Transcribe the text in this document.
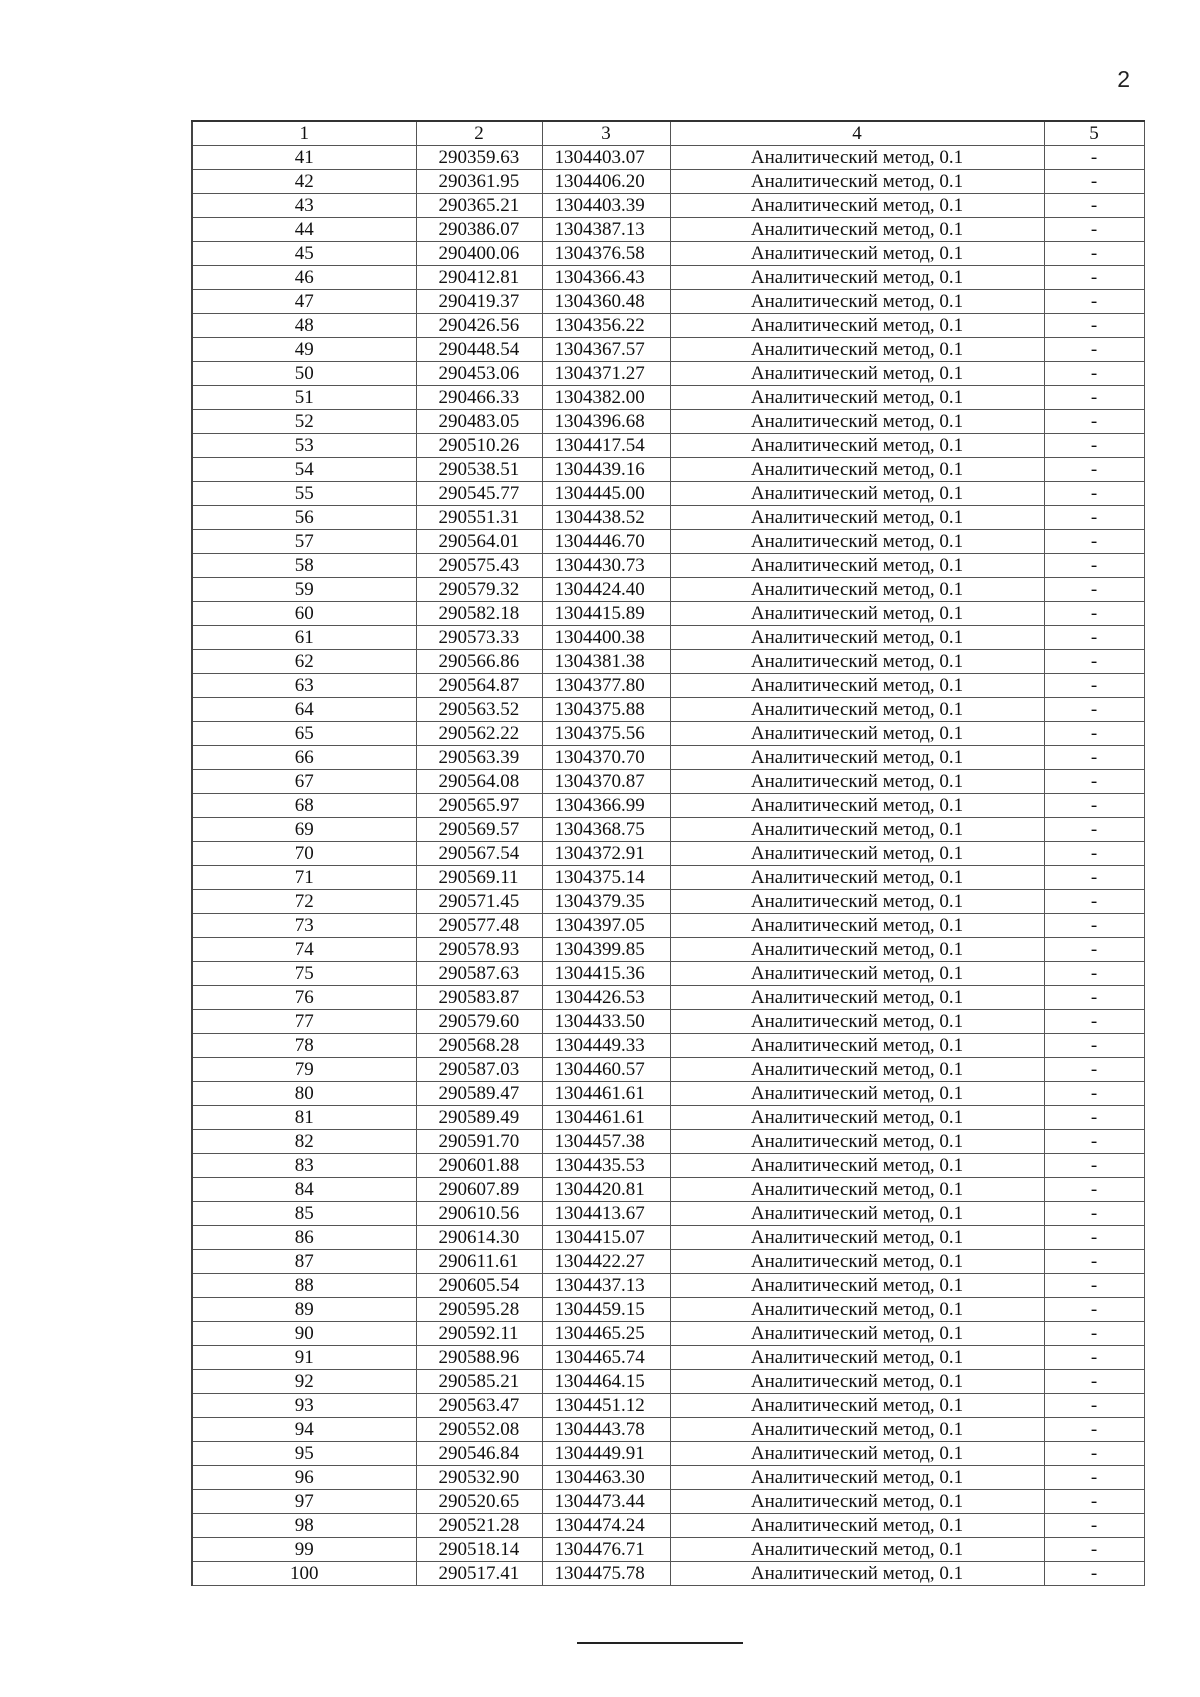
2
1	2	3	4	5
41	290359.63	1304403.07	Аналитический метод, 0.1	-
42	290361.95	1304406.20	Аналитический метод, 0.1	-
43	290365.21	1304403.39	Аналитический метод, 0.1	-
44	290386.07	1304387.13	Аналитический метод, 0.1	-
45	290400.06	1304376.58	Аналитический метод, 0.1	-
46	290412.81	1304366.43	Аналитический метод, 0.1	-
47	290419.37	1304360.48	Аналитический метод, 0.1	-
48	290426.56	1304356.22	Аналитический метод, 0.1	-
49	290448.54	1304367.57	Аналитический метод, 0.1	-
50	290453.06	1304371.27	Аналитический метод, 0.1	-
51	290466.33	1304382.00	Аналитический метод, 0.1	-
52	290483.05	1304396.68	Аналитический метод, 0.1	-
53	290510.26	1304417.54	Аналитический метод, 0.1	-
54	290538.51	1304439.16	Аналитический метод, 0.1	-
55	290545.77	1304445.00	Аналитический метод, 0.1	-
56	290551.31	1304438.52	Аналитический метод, 0.1	-
57	290564.01	1304446.70	Аналитический метод, 0.1	-
58	290575.43	1304430.73	Аналитический метод, 0.1	-
59	290579.32	1304424.40	Аналитический метод, 0.1	-
60	290582.18	1304415.89	Аналитический метод, 0.1	-
61	290573.33	1304400.38	Аналитический метод, 0.1	-
62	290566.86	1304381.38	Аналитический метод, 0.1	-
63	290564.87	1304377.80	Аналитический метод, 0.1	-
64	290563.52	1304375.88	Аналитический метод, 0.1	-
65	290562.22	1304375.56	Аналитический метод, 0.1	-
66	290563.39	1304370.70	Аналитический метод, 0.1	-
67	290564.08	1304370.87	Аналитический метод, 0.1	-
68	290565.97	1304366.99	Аналитический метод, 0.1	-
69	290569.57	1304368.75	Аналитический метод, 0.1	-
70	290567.54	1304372.91	Аналитический метод, 0.1	-
71	290569.11	1304375.14	Аналитический метод, 0.1	-
72	290571.45	1304379.35	Аналитический метод, 0.1	-
73	290577.48	1304397.05	Аналитический метод, 0.1	-
74	290578.93	1304399.85	Аналитический метод, 0.1	-
75	290587.63	1304415.36	Аналитический метод, 0.1	-
76	290583.87	1304426.53	Аналитический метод, 0.1	-
77	290579.60	1304433.50	Аналитический метод, 0.1	-
78	290568.28	1304449.33	Аналитический метод, 0.1	-
79	290587.03	1304460.57	Аналитический метод, 0.1	-
80	290589.47	1304461.61	Аналитический метод, 0.1	-
81	290589.49	1304461.61	Аналитический метод, 0.1	-
82	290591.70	1304457.38	Аналитический метод, 0.1	-
83	290601.88	1304435.53	Аналитический метод, 0.1	-
84	290607.89	1304420.81	Аналитический метод, 0.1	-
85	290610.56	1304413.67	Аналитический метод, 0.1	-
86	290614.30	1304415.07	Аналитический метод, 0.1	-
87	290611.61	1304422.27	Аналитический метод, 0.1	-
88	290605.54	1304437.13	Аналитический метод, 0.1	-
89	290595.28	1304459.15	Аналитический метод, 0.1	-
90	290592.11	1304465.25	Аналитический метод, 0.1	-
91	290588.96	1304465.74	Аналитический метод, 0.1	-
92	290585.21	1304464.15	Аналитический метод, 0.1	-
93	290563.47	1304451.12	Аналитический метод, 0.1	-
94	290552.08	1304443.78	Аналитический метод, 0.1	-
95	290546.84	1304449.91	Аналитический метод, 0.1	-
96	290532.90	1304463.30	Аналитический метод, 0.1	-
97	290520.65	1304473.44	Аналитический метод, 0.1	-
98	290521.28	1304474.24	Аналитический метод, 0.1	-
99	290518.14	1304476.71	Аналитический метод, 0.1	-
100	290517.41	1304475.78	Аналитический метод, 0.1	-
